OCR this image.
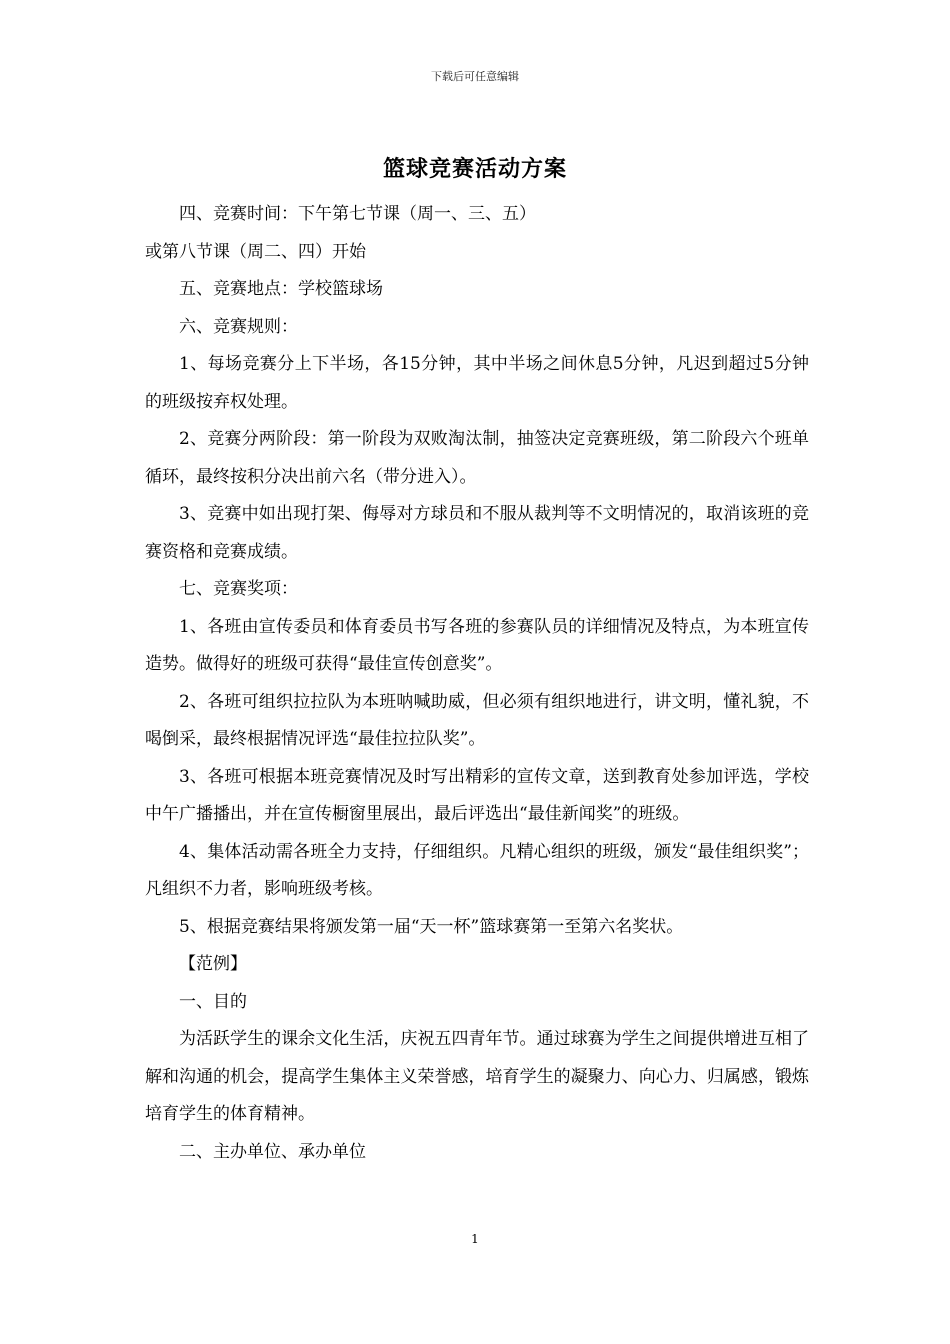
下载后可任意编辑
篮球竞赛活动方案

四、竞赛时间：下午第七节课（周一、三、五）

或第八节课（周二、四）开始

五、竞赛地点：学校篮球场

六、竞赛规则：

1、每场竞赛分上下半场，各15分钟，其中半场之间休息5分钟，凡迟到超过5分钟的班级按弃权处理。

2、竞赛分两阶段：第一阶段为双败淘汰制，抽签决定竞赛班级，第二阶段六个班单循环，最终按积分决出前六名（带分进入）。

3、竞赛中如出现打架、侮辱对方球员和不服从裁判等不文明情况的，取消该班的竞赛资格和竞赛成绩。

七、竞赛奖项：

1、各班由宣传委员和体育委员书写各班的参赛队员的详细情况及特点，为本班宣传造势。做得好的班级可获得“最佳宣传创意奖”。

2、各班可组织拉拉队为本班呐喊助威，但必须有组织地进行，讲文明，懂礼貌，不喝倒采，最终根据情况评选“最佳拉拉队奖”。

3、各班可根据本班竞赛情况及时写出精彩的宣传文章，送到教育处参加评选，学校中午广播播出，并在宣传橱窗里展出，最后评选出“最佳新闻奖”的班级。

4、集体活动需各班全力支持，仔细组织。凡精心组织的班级，颁发“最佳组织奖”；凡组织不力者，影响班级考核。

5、根据竞赛结果将颁发第一届“天一杯”篮球赛第一至第六名奖状。

【范例】

一、目的

为活跃学生的课余文化生活，庆祝五四青年节。通过球赛为学生之间提供增进互相了解和沟通的机会，提高学生集体主义荣誉感，培育学生的凝聚力、向心力、归属感，锻炼培育学生的体育精神。

二、主办单位、承办单位

1
